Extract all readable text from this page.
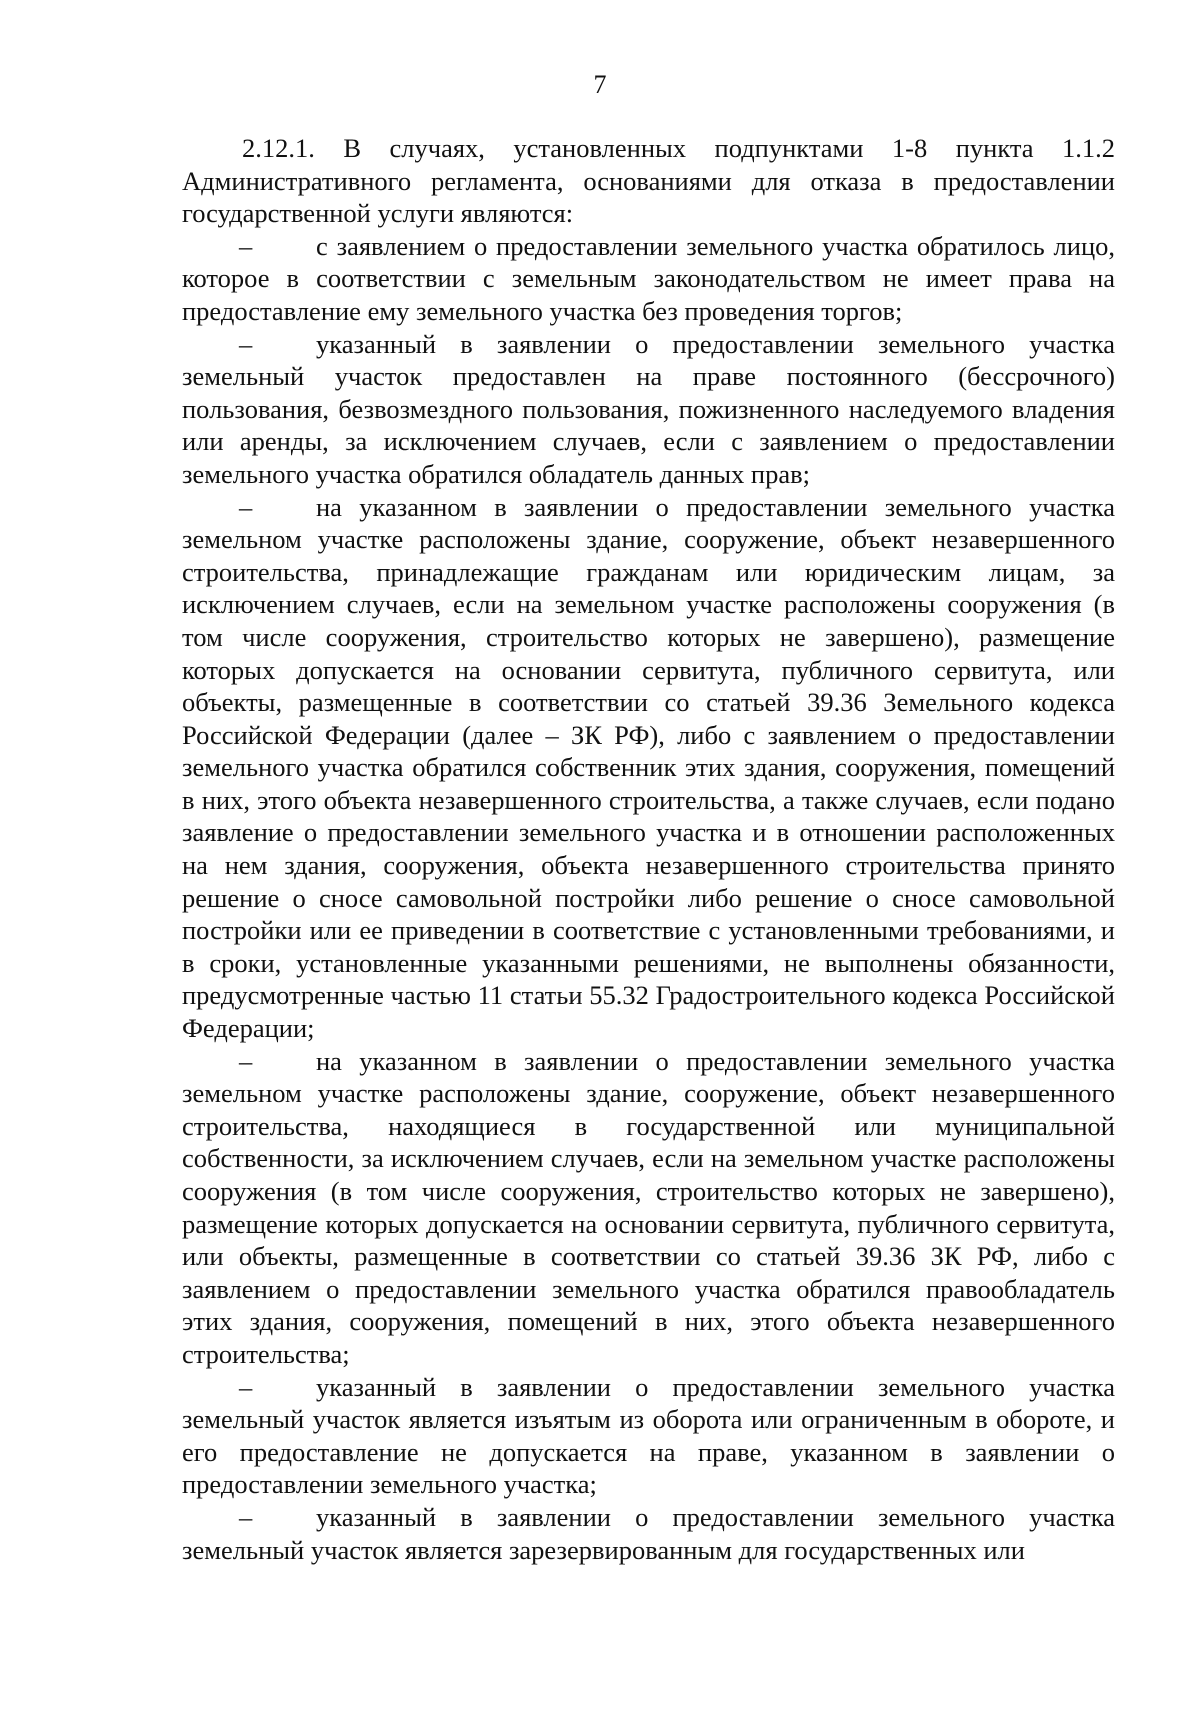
7

2.12.1. В случаях, установленных подпунктами 1-8 пункта 1.1.2 Административного регламента, основаниями для отказа в предоставлении государственной услуги являются:

– с заявлением о предоставлении земельного участка обратилось лицо, которое в соответствии с земельным законодательством не имеет права на предоставление ему земельного участка без проведения торгов;

– указанный в заявлении о предоставлении земельного участка земельный участок предоставлен на праве постоянного (бессрочного) пользования, безвозмездного пользования, пожизненного наследуемого владения или аренды, за исключением случаев, если с заявлением о предоставлении земельного участка обратился обладатель данных прав;

– на указанном в заявлении о предоставлении земельного участка земельном участке расположены здание, сооружение, объект незавершенного строительства, принадлежащие гражданам или юридическим лицам, за исключением случаев, если на земельном участке расположены сооружения (в том числе сооружения, строительство которых не завершено), размещение которых допускается на основании сервитута, публичного сервитута, или объекты, размещенные в соответствии со статьей 39.36 Земельного кодекса Российской Федерации (далее – ЗК РФ), либо с заявлением о предоставлении земельного участка обратился собственник этих здания, сооружения, помещений в них, этого объекта незавершенного строительства, а также случаев, если подано заявление о предоставлении земельного участка и в отношении расположенных на нем здания, сооружения, объекта незавершенного строительства принято решение о сносе самовольной постройки либо решение о сносе самовольной постройки или ее приведении в соответствие с установленными требованиями, и в сроки, установленные указанными решениями, не выполнены обязанности, предусмотренные частью 11 статьи 55.32 Градостроительного кодекса Российской Федерации;

– на указанном в заявлении о предоставлении земельного участка земельном участке расположены здание, сооружение, объект незавершенного строительства, находящиеся в государственной или муниципальной собственности, за исключением случаев, если на земельном участке расположены сооружения (в том числе сооружения, строительство которых не завершено), размещение которых допускается на основании сервитута, публичного сервитута, или объекты, размещенные в соответствии со статьей 39.36 ЗК РФ, либо с заявлением о предоставлении земельного участка обратился правообладатель этих здания, сооружения, помещений в них, этого объекта незавершенного строительства;

– указанный в заявлении о предоставлении земельного участка земельный участок является изъятым из оборота или ограниченным в обороте, и его предоставление не допускается на праве, указанном в заявлении о предоставлении земельного участка;

– указанный в заявлении о предоставлении земельного участка земельный участок является зарезервированным для государственных или
